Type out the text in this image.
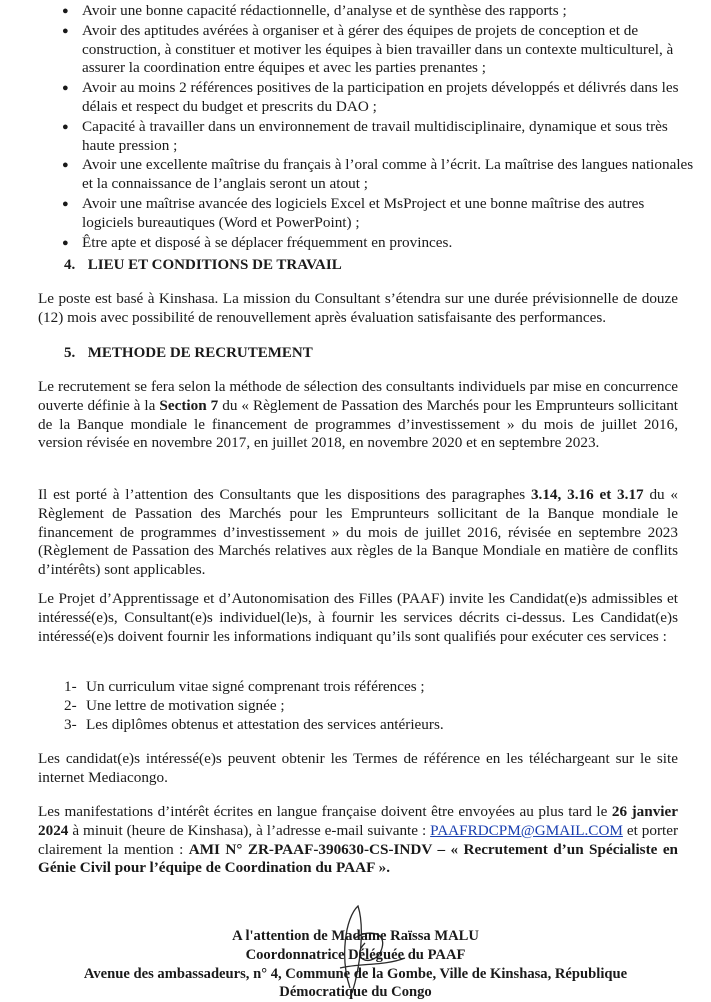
● Avoir une bonne capacité rédactionnelle, d’analyse et de synthèse des rapports ;
● Avoir des aptitudes avérées à organiser et à gérer des équipes de projets de conception et de construction, à constituer et motiver les équipes à bien travailler dans un contexte multiculturel, à assurer la coordination entre équipes et avec les parties prenantes ;
● Avoir au moins 2 références positives de la participation en projets développés et délivrés dans les délais et respect du budget et prescrits du DAO ;
● Capacité à travailler dans un environnement de travail multidisciplinaire, dynamique et sous très haute pression ;
● Avoir une excellente maîtrise du français à l’oral comme à l’écrit. La maîtrise des langues nationales et la connaissance de l’anglais seront un atout ;
● Avoir une maîtrise avancée des logiciels Excel et MsProject et une bonne maîtrise des autres logiciels bureautiques (Word et PowerPoint) ;
● Être apte et disposé à se déplacer fréquemment en provinces.
4. LIEU ET CONDITIONS DE TRAVAIL

Le poste est basé à Kinshasa. La mission du Consultant s’étendra sur une durée prévisionnelle de douze (12) mois avec possibilité de renouvellement après évaluation satisfaisante des performances.

5. METHODE DE RECRUTEMENT

Le recrutement se fera selon la méthode de sélection des consultants individuels par mise en concurrence ouverte définie à la Section 7 du « Règlement de Passation des Marchés pour les Emprunteurs sollicitant de la Banque mondiale le financement de programmes d’investissement » du mois de juillet 2016, version révisée en novembre 2017, en juillet 2018, en novembre 2020 et en septembre 2023.

Il est porté à l’attention des Consultants que les dispositions des paragraphes 3.14, 3.16 et 3.17 du « Règlement de Passation des Marchés pour les Emprunteurs sollicitant de la Banque mondiale le financement de programmes d’investissement » du mois de juillet 2016, révisée en septembre 2023 (Règlement de Passation des Marchés relatives aux règles de la Banque Mondiale en matière de conflits d’intérêts) sont applicables.

Le Projet d’Apprentissage et d’Autonomisation des Filles (PAAF) invite les Candidat(e)s admissibles et intéressé(e)s, Consultant(e)s individuel(le)s, à fournir les services décrits ci-dessus. Les Candidat(e)s intéressé(e)s doivent fournir les informations indiquant qu’ils sont qualifiés pour exécuter ces services :

1- Un curriculum vitae signé comprenant trois références ;
2- Une lettre de motivation signée ;
3- Les diplômes obtenus et attestation des services antérieurs.

Les candidat(e)s intéressé(e)s peuvent obtenir les Termes de référence en les téléchargeant sur le site internet Mediacongo.

Les manifestations d’intérêt écrites en langue française doivent être envoyées au plus tard le 26 janvier 2024 à minuit (heure de Kinshasa), à l’adresse e-mail suivante : PAAFRDCPM@GMAIL.COM et porter clairement la mention : AMI N° ZR-PAAF-390630-CS-INDV – « Recrutement d’un Spécialiste en Génie Civil pour l’équipe de Coordination du PAAF ».

A l'attention de Madame Raïssa MALU
Coordonnatrice Déléguée du PAAF
Avenue des ambassadeurs, n° 4, Commune de la Gombe, Ville de Kinshasa, République
Démocratique du Congo
